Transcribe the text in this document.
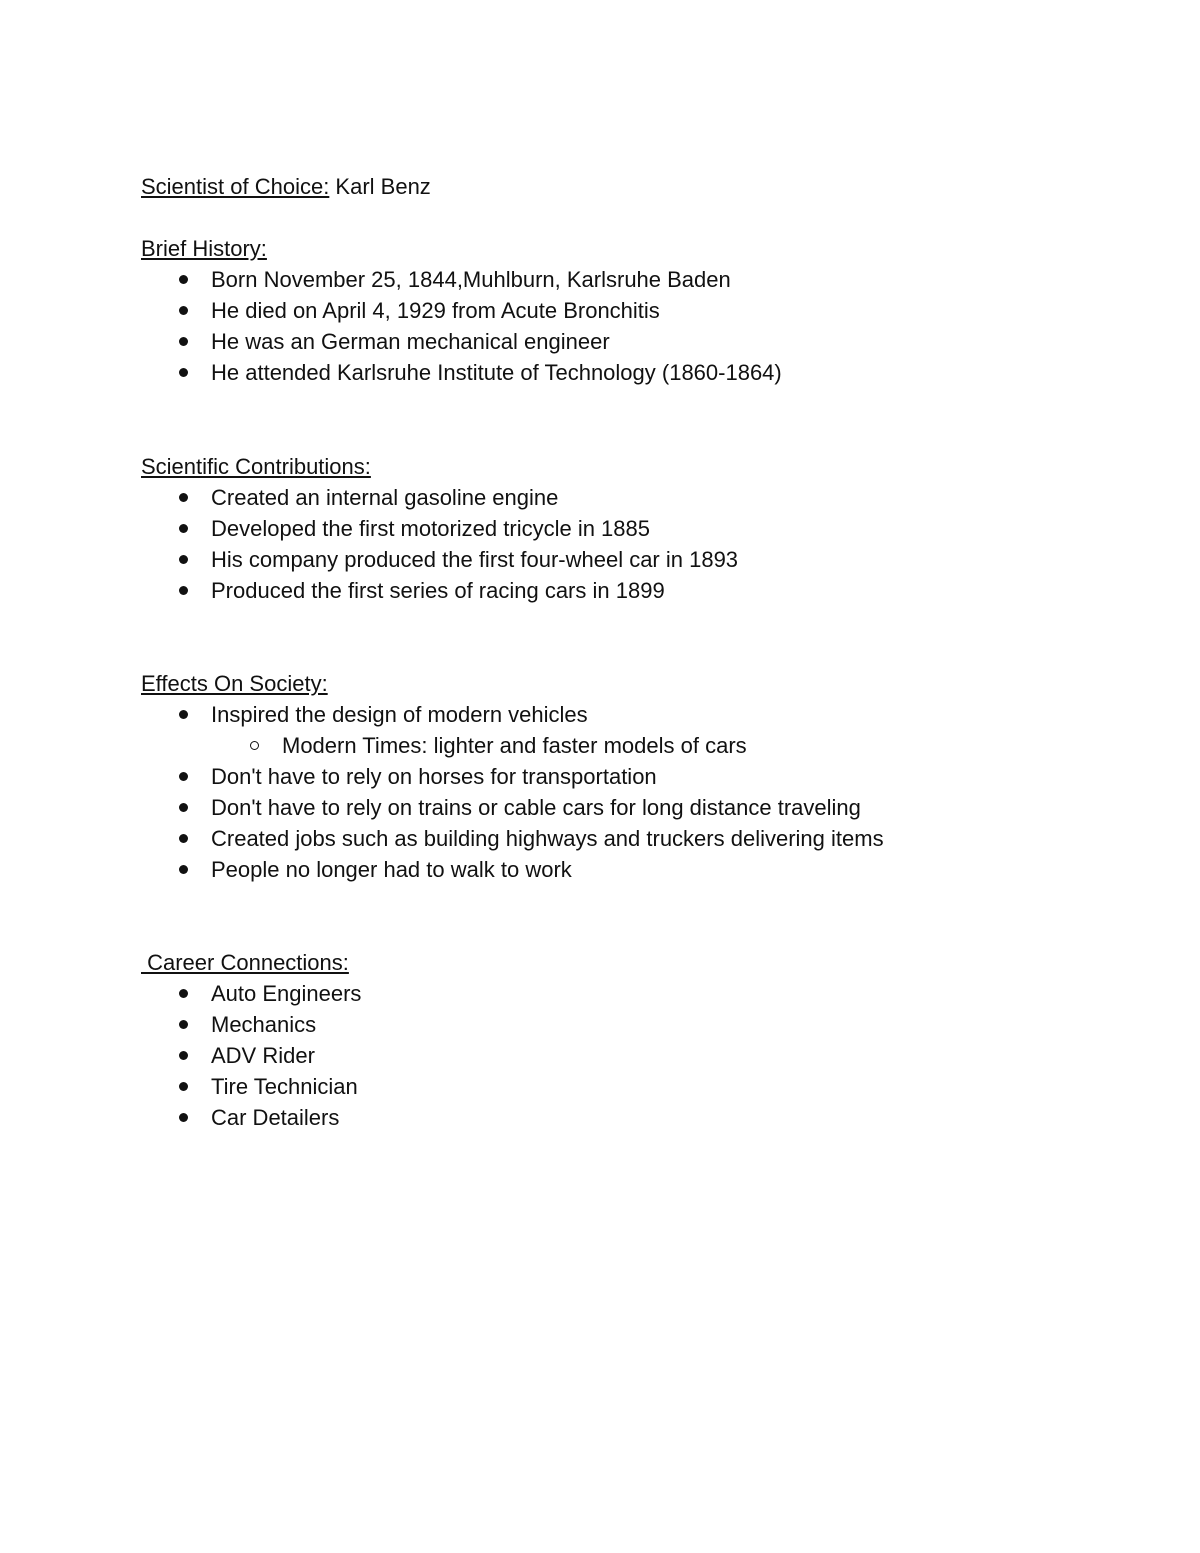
Scientist of Choice: Karl Benz
Brief History:
Born November 25, 1844,Muhlburn, Karlsruhe Baden
He died on April 4, 1929 from Acute Bronchitis
He was an German mechanical engineer
He attended Karlsruhe Institute of Technology (1860-1864)
Scientific Contributions:
Created an internal gasoline engine
Developed the first motorized tricycle in 1885
His company produced the first four-wheel car in 1893
Produced the first series of racing cars in 1899
Effects On Society:
Inspired the design of modern vehicles
Modern Times: lighter and faster models of cars
Don't have to rely on horses for transportation
Don't have to rely on trains or cable cars for long distance traveling
Created jobs such as building highways and truckers delivering items
People no longer had to walk to work
Career Connections:
Auto Engineers
Mechanics
ADV Rider
Tire Technician
Car Detailers
